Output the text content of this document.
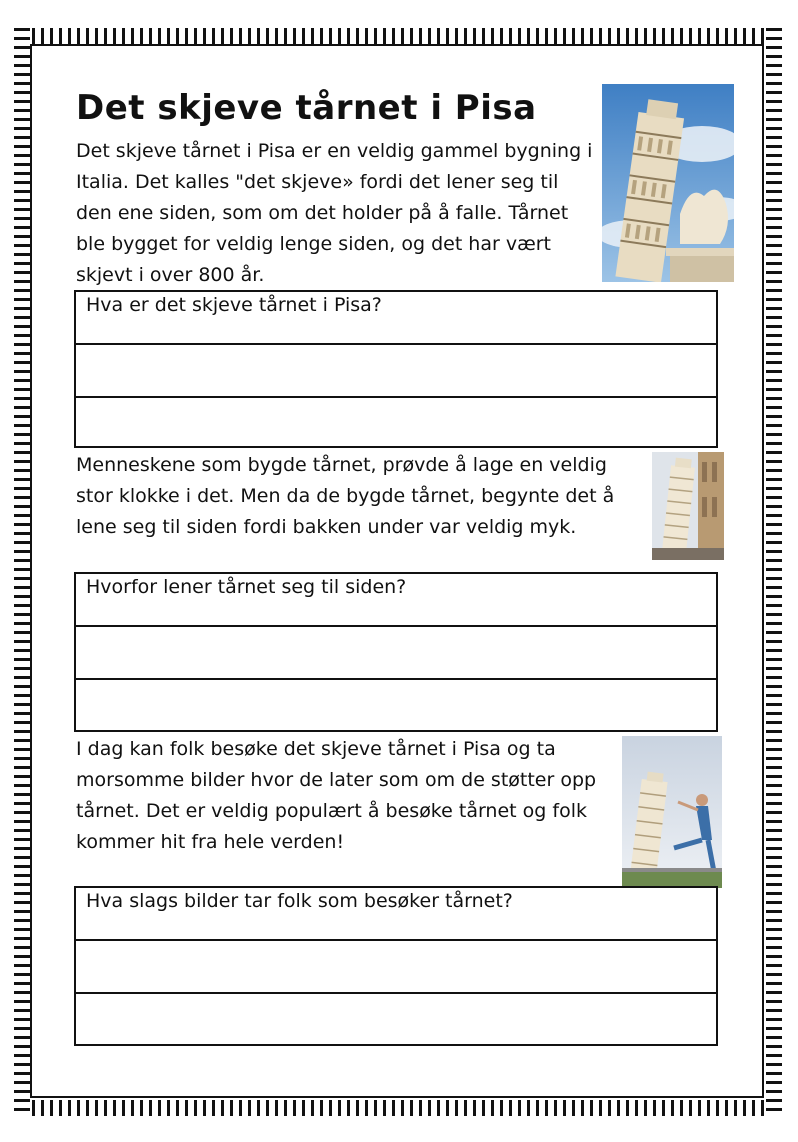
Det skjeve tårnet i Pisa

Det skjeve tårnet i Pisa er en veldig gammel bygning i Italia. Det kalles "det skjeve» fordi det lener seg til den ene siden, som om det holder på å falle. Tårnet ble bygget for veldig lenge siden, og det har vært skjevt i over 800 år.

Hva er det skjeve tårnet i Pisa?

Menneskene som bygde tårnet, prøvde å lage en veldig stor klokke i det. Men da de bygde tårnet, begynte det å lene seg til siden fordi bakken under var veldig myk.

Hvorfor lener tårnet seg til siden?

I dag kan folk besøke det skjeve tårnet i Pisa og ta morsomme bilder hvor de later som om de støtter opp tårnet. Det er veldig populært å besøke tårnet og folk kommer hit fra hele verden!

Hva slags bilder tar folk som besøker tårnet?
